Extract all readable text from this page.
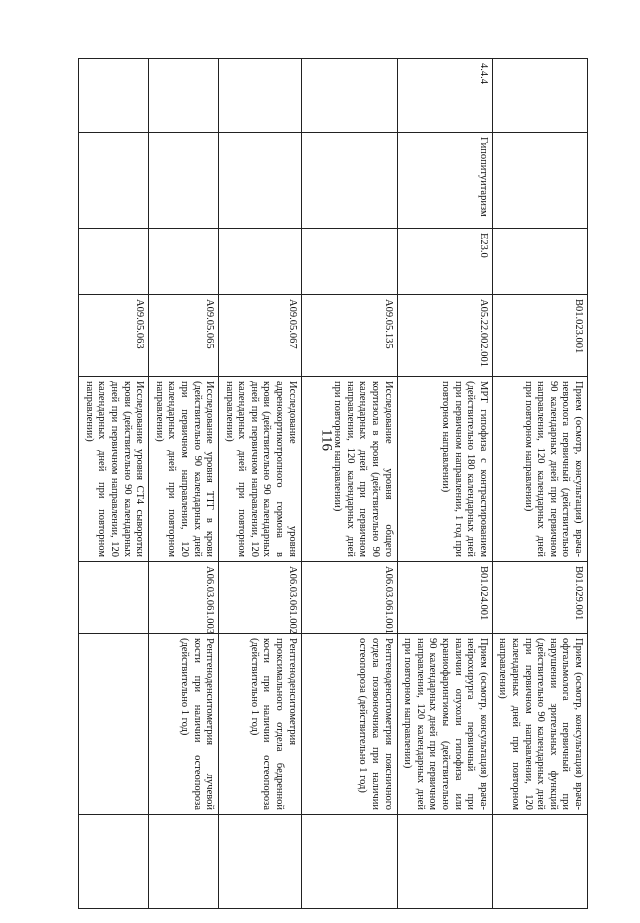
116
			B01.023.001	Прием (осмотр, консультация) врача-невролога первичный (действительно 90 календарных дней при первичном направлении, 120 календарных дней при повторном направлении)	B01.029.001	Прием (осмотр, консультация) врача-офтальмолога первичный при нарушении зрительных функций (действительно 90 календарных дней при первичном направлении, 120 календарных дней при повторном направлении)	
4.4.4	Гипопитуитаризм	E23.0	A05.22.002.001	МРТ гипофиза с контрастированием (действительно 180 календарных дней при первичном направлении, 1 год при повторном направлении)	B01.024.001	Прием (осмотр, консультация) врача-нейрохирурга первичный при наличии опухоли гипофиза или краниофарингиомы (действительно 90 календарных дней при первичном направлении, 120 календарных дней при повторном направлении)	
			A09.05.135	Исследование уровня общего кортизола в крови (действительно 90 календарных дней при первичном направлении, 120 календарных дней при повторном направлении)	A06.03.061.001	Рентгеноденситометрия поясничного отдела позвоночника при наличии остеопороза (действительно 1 год)	
			A09.05.067	Исследование уровня адренокортикотропного гормона в крови (действительно 90 календарных дней при первичном направлении, 120 календарных дней при повторном направлении)	A06.03.061.002	Рентгеноденситометрия проксимального отдела бедренной кости при наличии остеопороза (действительно 1 год)	
			A09.05.065	Исследование уровня ТТГ в крови (действительно 90 календарных дней при первичном направлении, 120 календарных дней при повторном направлении)	A06.03.061.003	Рентгеноденситометрия лучевой кости при наличии остеопороза (действительно 1 год)	
			A09.05.063	Исследование уровня СТ4 сыворотки крови (действительно 90 календарных дней при первичном направлении, 120 календарных дней при повторном направлении)			
